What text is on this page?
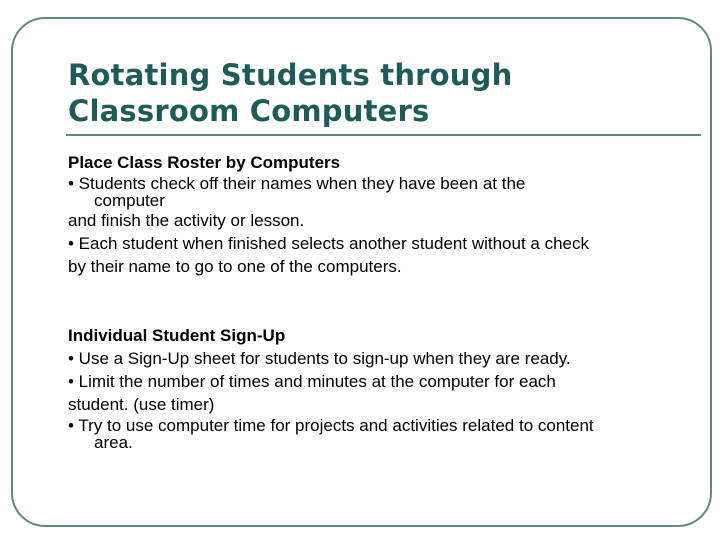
Rotating Students through
Classroom Computers
Place Class Roster by Computers
• Students check off their names when they have been at the
computer
and finish the activity or lesson.
• Each student when finished selects another student without a check
by their name to go to one of the computers.
Individual Student Sign-Up
• Use a Sign-Up sheet for students to sign-up when they are ready.
• Limit the number of times and minutes at the computer for each
student. (use timer)
• Try to use computer time for projects and activities related to content
area.
